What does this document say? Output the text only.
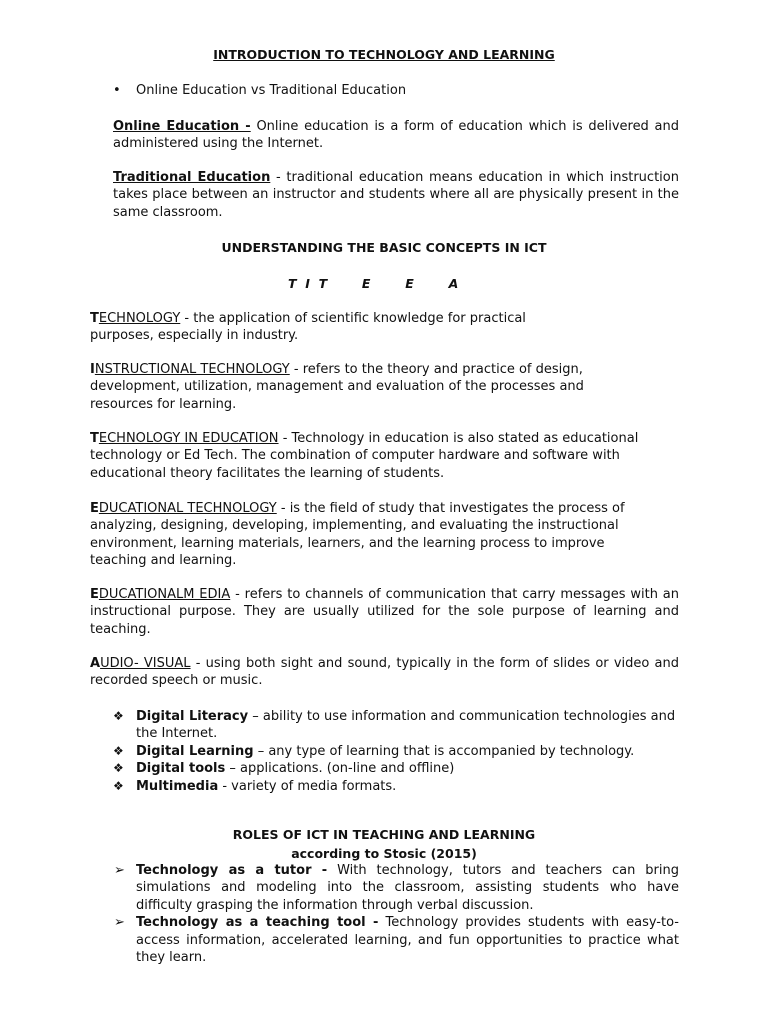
INTRODUCTION TO TECHNOLOGY AND LEARNING
• Online Education vs Traditional Education

Online Education - Online education is a form of education which is delivered and administered using the Internet.

Traditional Education - traditional education means education in which instruction takes place between an instructor and students where all are physically present in the same classroom.

UNDERSTANDING THE BASIC CONCEPTS IN ICT
T  I  T        E        E        A
TECHNOLOGY - the application of scientific knowledge for practical purposes, especially in industry.
INSTRUCTIONAL TECHNOLOGY - refers to the theory and practice of design, development, utilization, management and evaluation of the processes and resources for learning.
TECHNOLOGY IN EDUCATION - Technology in education is also stated as educational technology or Ed Tech. The combination of computer hardware and software with educational theory facilitates the learning of students.
EDUCATIONAL TECHNOLOGY - is the field of study that investigates the process of analyzing, designing, developing, implementing, and evaluating the instructional environment, learning materials, learners, and the learning process to improve teaching and learning.
EDUCATIONALM EDIA - refers to channels of communication that carry messages with an instructional purpose. They are usually utilized for the sole purpose of learning and teaching.
AUDIO- VISUAL - using both sight and sound, typically in the form of slides or video and recorded speech or music.
❖ Digital Literacy – ability to use information and communication technologies and the Internet.
❖ Digital Learning – any type of learning that is accompanied by technology.
❖ Digital tools – applications. (on-line and offline)
❖ Multimedia - variety of media formats.
ROLES OF ICT IN TEACHING AND LEARNING
according to Stosic (2015)
➢ Technology as a tutor - With technology, tutors and teachers can bring simulations and modeling into the classroom, assisting students who have difficulty grasping the information through verbal discussion.
➢ Technology as a teaching tool - Technology provides students with easy-to-access information, accelerated learning, and fun opportunities to practice what they learn.
